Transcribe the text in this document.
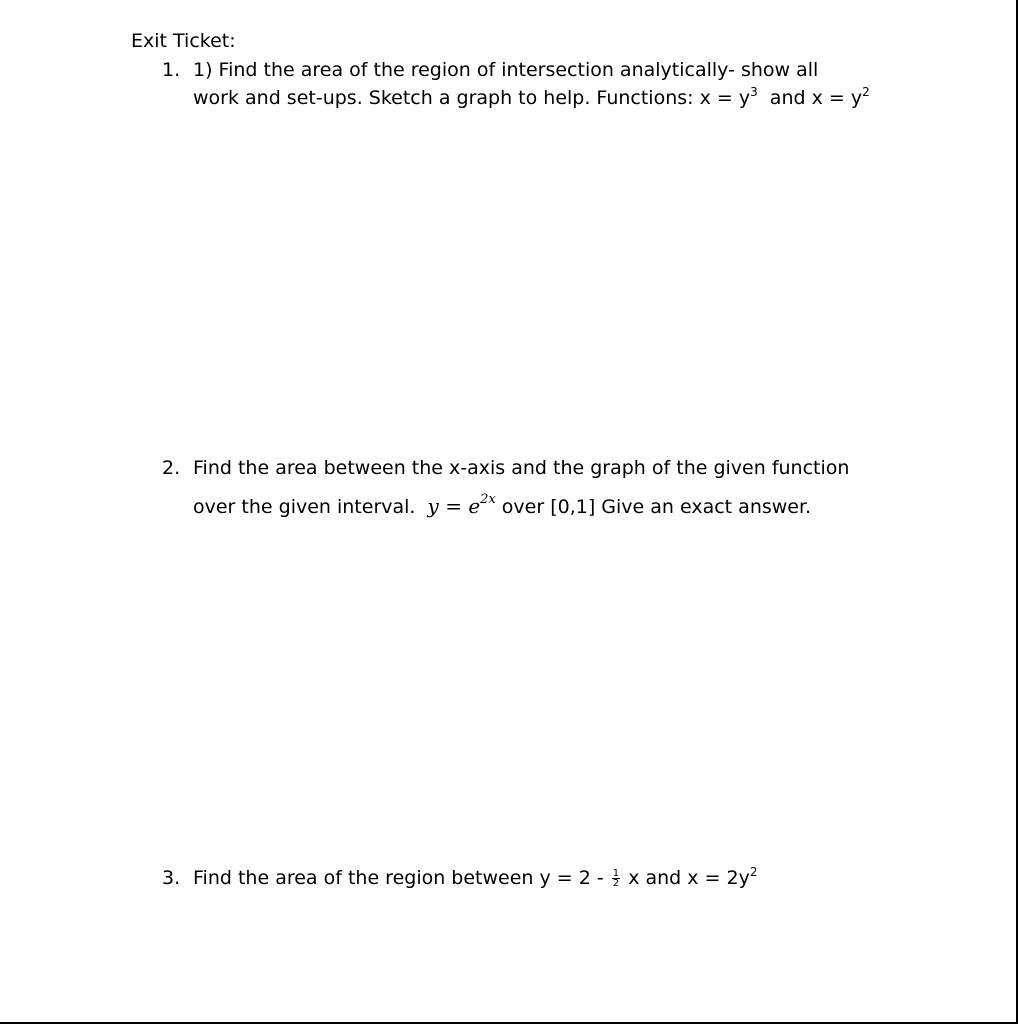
Exit Ticket:
1. 1) Find the area of the region of intersection analytically- show all
work and set-ups. Sketch a graph to help. Functions: $x = y^3$  and $x = y^2$
2. Find the area between the x-axis and the graph of the given function
over the given interval.  $y = e^{2x}$ over [0,1] Give an exact answer.
3. Find the area of the region between $y = 2 - \frac{1}{2}$ x and $x = 2y^2$
